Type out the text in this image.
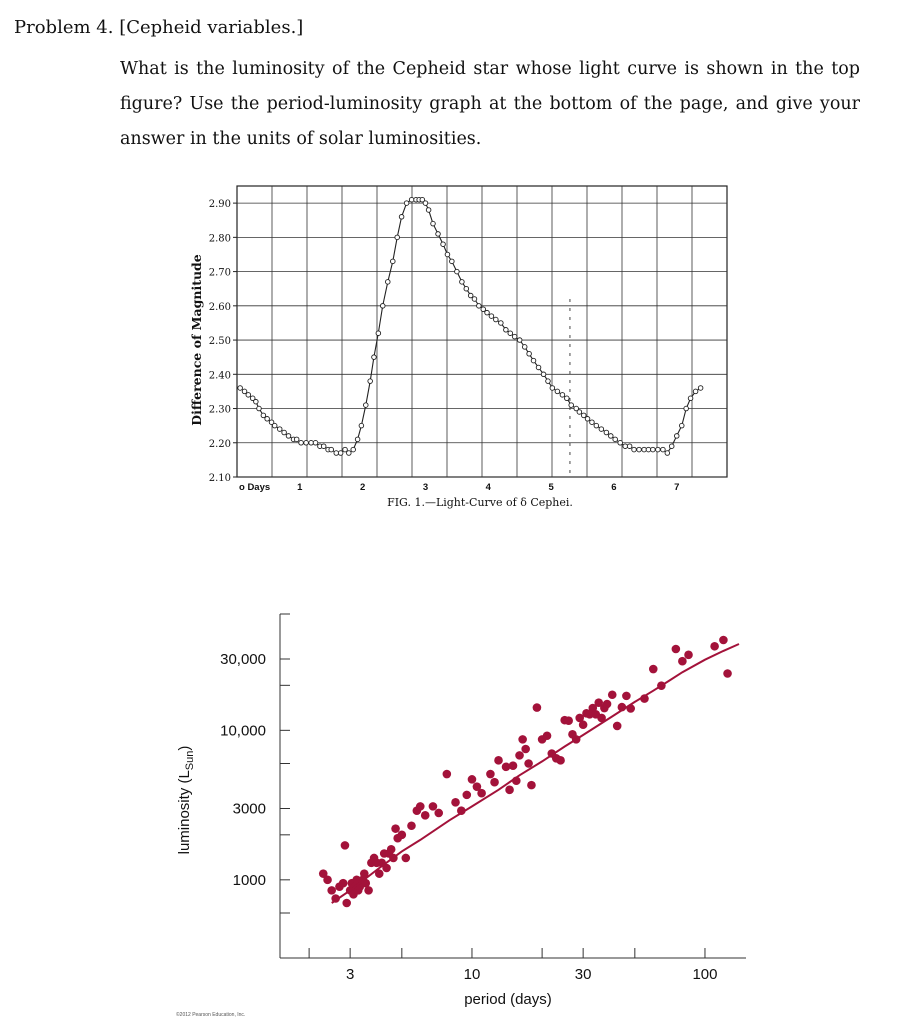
Problem 4. [Cepheid variables.]
What is the luminosity of the Cepheid star whose light curve is shown in the top figure? Use the period-luminosity graph at the bottom of the page, and give your answer in the units of solar luminosities.
2.90
2.80
2.70
2.60
2.50
2.40
2.30
2.20
2.10
o Days	1	2	3	4	5	6	7
Difference of Magnitude
FIG. 1.—Light-Curve of δ Cephei.
1000
3000
10,000
30,000
3	10	30	100
period (days)
luminosity $(L_{Sun})$
©2012 Pearson Education, Inc.
